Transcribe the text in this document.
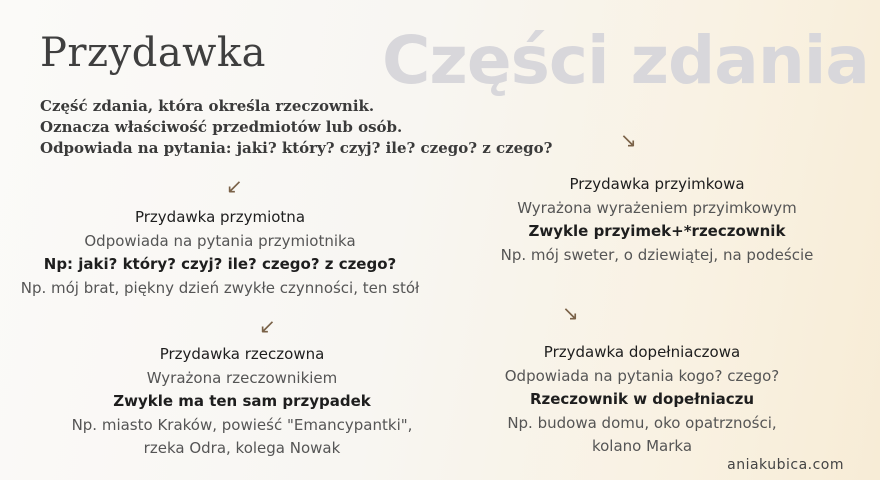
Części zdania
Przydawka
Część zdania, która określa rzeczownik.
Oznacza właściwość przedmiotów lub osób.
Odpowiada na pytania: jaki? który? czyj? ile? czego? z czego?
↙
↙
↘
↘
Przydawka przymiotna
Odpowiada na pytania przymiotnika
Np: jaki? który? czyj? ile? czego? z czego?
Np. mój brat, piękny dzień zwykłe czynności, ten stół
Przydawka rzeczowna
Wyrażona rzeczownikiem
Zwykle ma ten sam przypadek
Np. miasto Kraków, powieść "Emancypantki",
rzeka Odra, kolega Nowak
Przydawka przyimkowa
Wyrażona wyrażeniem przyimkowym
Zwykle przyimek+*rzeczownik
Np. mój sweter, o dziewiątej, na podeście
Przydawka dopełniaczowa
Odpowiada na pytania kogo? czego?
Rzeczownik w dopełniaczu
Np. budowa domu, oko opatrzności,
kolano Marka
aniakubica.com
